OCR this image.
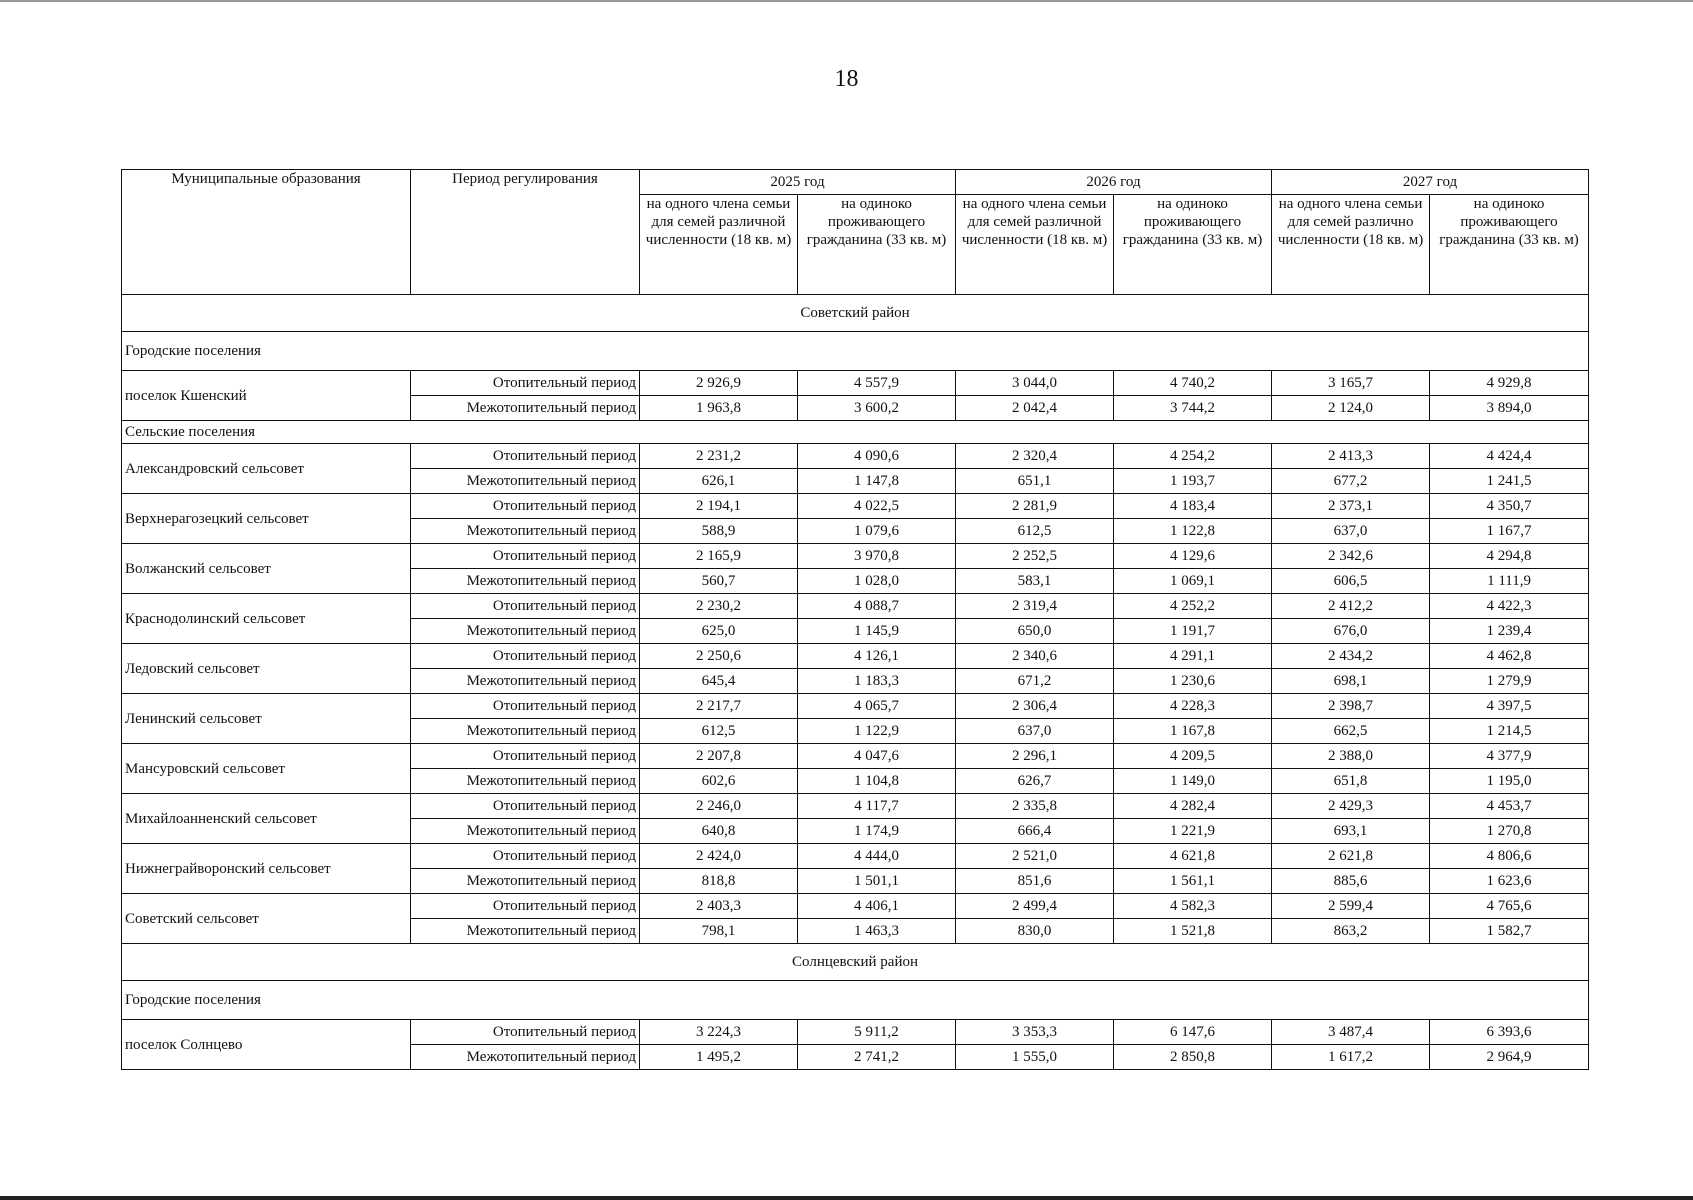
18
Муниципальные образования	Период регулирования	2025 год		2026 год		2027 год	
		на одного члена семьи для семей различной численности (18 кв. м)	на одиноко проживающего гражданина (33 кв. м)	на одного члена семьи для семей различной численности (18 кв. м)	на одиноко проживающего гражданина (33 кв. м)	на одного члена семьи для семей различно численности (18 кв. м)	на одиноко проживающего гражданина (33 кв. м)
Советский район							
Городские поселения							
поселок Кшенский	Отопительный период	2 926,9	4 557,9	3 044,0	4 740,2	3 165,7	4 929,8
	Межотопительный период	1 963,8	3 600,2	2 042,4	3 744,2	2 124,0	3 894,0
Сельские поселения							
Александровский сельсовет	Отопительный период	2 231,2	4 090,6	2 320,4	4 254,2	2 413,3	4 424,4
	Межотопительный период	626,1	1 147,8	651,1	1 193,7	677,2	1 241,5
Верхнерагозецкий сельсовет	Отопительный период	2 194,1	4 022,5	2 281,9	4 183,4	2 373,1	4 350,7
	Межотопительный период	588,9	1 079,6	612,5	1 122,8	637,0	1 167,7
Волжанский сельсовет	Отопительный период	2 165,9	3 970,8	2 252,5	4 129,6	2 342,6	4 294,8
	Межотопительный период	560,7	1 028,0	583,1	1 069,1	606,5	1 111,9
Краснодолинский сельсовет	Отопительный период	2 230,2	4 088,7	2 319,4	4 252,2	2 412,2	4 422,3
	Межотопительный период	625,0	1 145,9	650,0	1 191,7	676,0	1 239,4
Ледовский сельсовет	Отопительный период	2 250,6	4 126,1	2 340,6	4 291,1	2 434,2	4 462,8
	Межотопительный период	645,4	1 183,3	671,2	1 230,6	698,1	1 279,9
Ленинский сельсовет	Отопительный период	2 217,7	4 065,7	2 306,4	4 228,3	2 398,7	4 397,5
	Межотопительный период	612,5	1 122,9	637,0	1 167,8	662,5	1 214,5
Мансуровский сельсовет	Отопительный период	2 207,8	4 047,6	2 296,1	4 209,5	2 388,0	4 377,9
	Межотопительный период	602,6	1 104,8	626,7	1 149,0	651,8	1 195,0
Михайлоанненский сельсовет	Отопительный период	2 246,0	4 117,7	2 335,8	4 282,4	2 429,3	4 453,7
	Межотопительный период	640,8	1 174,9	666,4	1 221,9	693,1	1 270,8
Нижнеграйворонский сельсовет	Отопительный период	2 424,0	4 444,0	2 521,0	4 621,8	2 621,8	4 806,6
	Межотопительный период	818,8	1 501,1	851,6	1 561,1	885,6	1 623,6
Советский сельсовет	Отопительный период	2 403,3	4 406,1	2 499,4	4 582,3	2 599,4	4 765,6
	Межотопительный период	798,1	1 463,3	830,0	1 521,8	863,2	1 582,7
Солнцевский район							
Городские поселения							
поселок Солнцево	Отопительный период	3 224,3	5 911,2	3 353,3	6 147,6	3 487,4	6 393,6
	Межотопительный период	1 495,2	2 741,2	1 555,0	2 850,8	1 617,2	2 964,9
